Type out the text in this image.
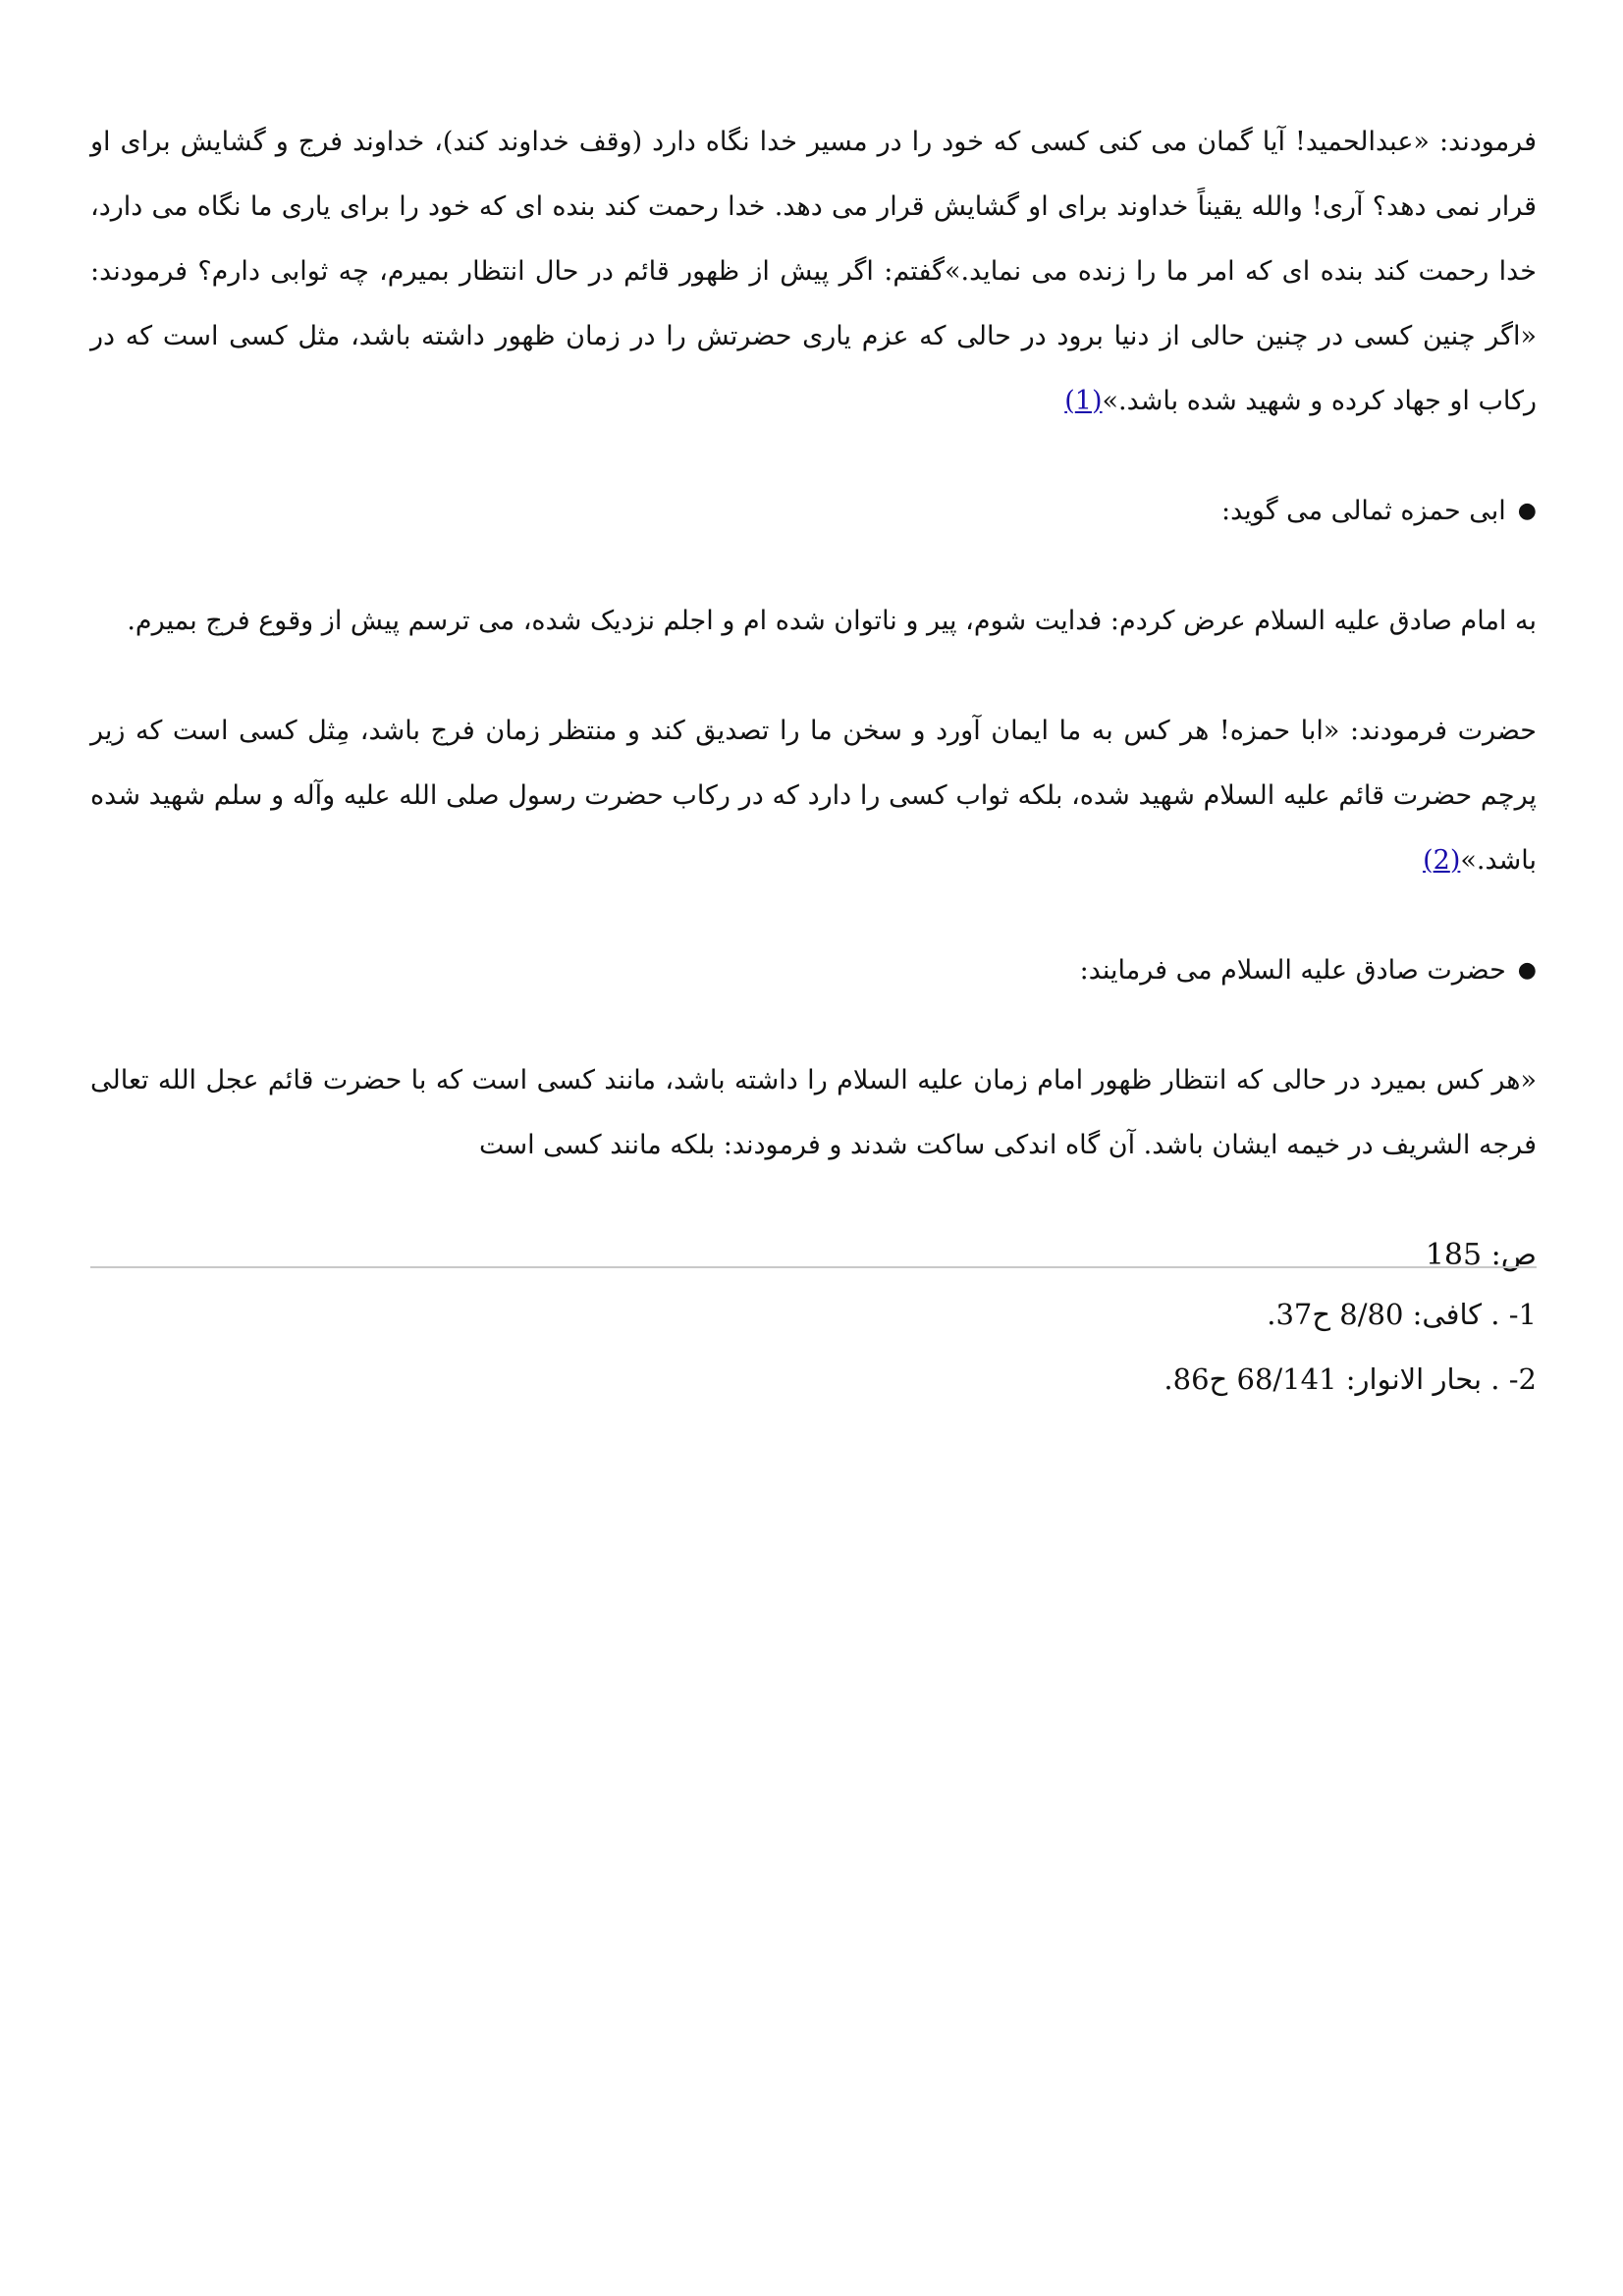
فرمودند: «عبدالحمید! آیا گمان می کنی کسی که خود را در مسیر خدا نگاه دارد (وقف خداوند کند)، خداوند فرج و گشایش برای او قرار نمی دهد؟ آری! والله یقیناً خداوند برای او گشایش قرار می دهد. خدا رحمت کند بنده ای که خود را برای یاری ما نگاه می دارد، خدا رحمت کند بنده ای که امر ما را زنده می نماید.»گفتم: اگر پیش از ظهور قائم در حال انتظار بمیرم، چه ثوابی دارم؟ فرمودند: «اگر چنین کسی در چنین حالی از دنیا برود در حالی که عزم یاری حضرتش را در زمان ظهور داشته باشد، مثل کسی است که در رکاب او جهاد کرده و شهید شده باشد.»(1)

●ابی حمزه ثمالی می گوید:

به امام صادق علیه السلام عرض کردم: فدایت شوم، پیر و ناتوان شده ام و اجلم نزدیک شده، می ترسم پیش از وقوع فرج بمیرم.

حضرت فرمودند: «ابا حمزه! هر کس به ما ایمان آورد و سخن ما را تصدیق کند و منتظر زمان فرج باشد، مِثل کسی است که زیر پرچم حضرت قائم علیه السلام شهید شده، بلکه ثواب کسی را دارد که در رکاب حضرت رسول صلی الله علیه وآله و سلم شهید شده باشد.»(2)

●حضرت صادق علیه السلام می فرمایند:

«هر کس بمیرد در حالی که انتظار ظهور امام زمان علیه السلام را داشته باشد، مانند کسی است که با حضرت قائم عجل الله تعالی فرجه الشریف در خیمه ایشان باشد. آن گاه اندکی ساکت شدند و فرمودند: بلکه مانند کسی است

ص: 185

1- . کافی: 8/80 ح37.

2- . بحار الانوار: 68/141 ح86.
